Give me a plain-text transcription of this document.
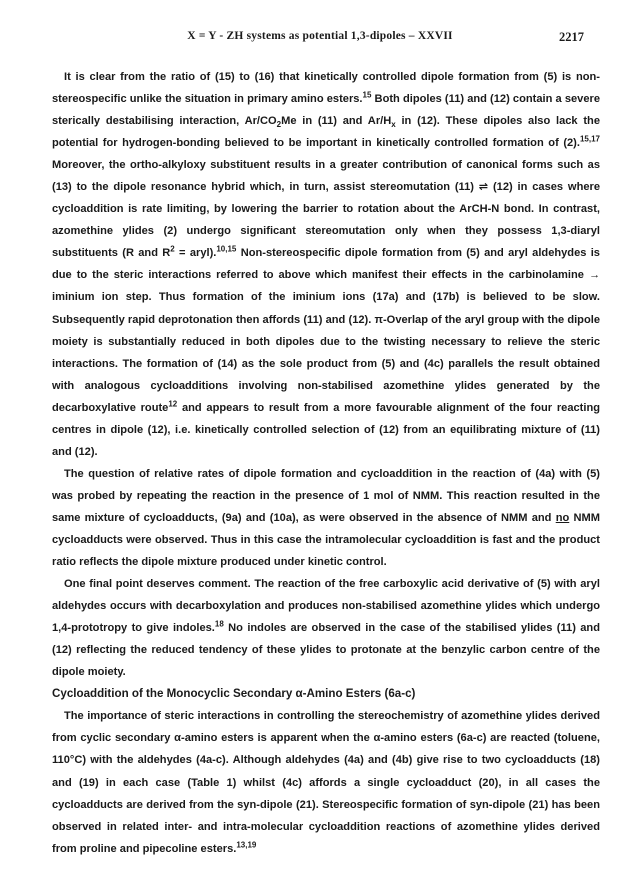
X = Y - ZH systems as potential 1,3-dipoles – XXVII	2217

It is clear from the ratio of (15) to (16) that kinetically controlled dipole formation from (5) is non-stereospecific unlike the situation in primary amino esters.$^{15}$ Both dipoles (11) and (12) contain a severe sterically destabilising interaction, $Ar/CO_2Me$ in (11) and $Ar/H_x$ in (12). These dipoles also lack the potential for hydrogen-bonding believed to be important in kinetically controlled formation of (2).$^{15,17}$ Moreover, the ortho-alkyloxy substituent results in a greater contribution of canonical forms such as (13) to the dipole resonance hybrid which, in turn, assist stereomutation (11) ⇌ (12) in cases where cycloaddition is rate limiting, by lowering the barrier to rotation about the ArCH-N bond. In contrast, azomethine ylides (2) undergo significant stereomutation only when they possess 1,3-diaryl substituents (R and $R^2$ = aryl).$^{10,15}$ Non-stereospecific dipole formation from (5) and aryl aldehydes is due to the steric interactions referred to above which manifest their effects in the carbinolamine → iminium ion step. Thus formation of the iminium ions (17a) and (17b) is believed to be slow. Subsequently rapid deprotonation then affords (11) and (12). π-Overlap of the aryl group with the dipole moiety is substantially reduced in both dipoles due to the twisting necessary to relieve the steric interactions. The formation of (14) as the sole product from (5) and (4c) parallels the result obtained with analogous cycloadditions involving non-stabilised azomethine ylides generated by the decarboxylative route$^{12}$ and appears to result from a more favourable alignment of the four reacting centres in dipole (12), i.e. kinetically controlled selection of (12) from an equilibrating mixture of (11) and (12).

The question of relative rates of dipole formation and cycloaddition in the reaction of (4a) with (5) was probed by repeating the reaction in the presence of 1 mol of NMM. This reaction resulted in the same mixture of cycloadducts, (9a) and (10a), as were observed in the absence of NMM and no NMM cycloadducts were observed. Thus in this case the intramolecular cycloaddition is fast and the product ratio reflects the dipole mixture produced under kinetic control.

One final point deserves comment. The reaction of the free carboxylic acid derivative of (5) with aryl aldehydes occurs with decarboxylation and produces non-stabilised azomethine ylides which undergo 1,4-prototropy to give indoles.$^{18}$ No indoles are observed in the case of the stabilised ylides (11) and (12) reflecting the reduced tendency of these ylides to protonate at the benzylic carbon centre of the dipole moiety.

Cycloaddition of the Monocyclic Secondary α-Amino Esters (6a-c)

The importance of steric interactions in controlling the stereochemistry of azomethine ylides derived from cyclic secondary α-amino esters is apparent when the α-amino esters (6a-c) are reacted (toluene, 110°C) with the aldehydes (4a-c). Although aldehydes (4a) and (4b) give rise to two cycloadducts (18) and (19) in each case (Table 1) whilst (4c) affords a single cycloadduct (20), in all cases the cycloadducts are derived from the syn-dipole (21). Stereospecific formation of syn-dipole (21) has been observed in related inter- and intra-molecular cycloaddition reactions of azomethine ylides derived from proline and pipecoline esters.$^{13,19}$
